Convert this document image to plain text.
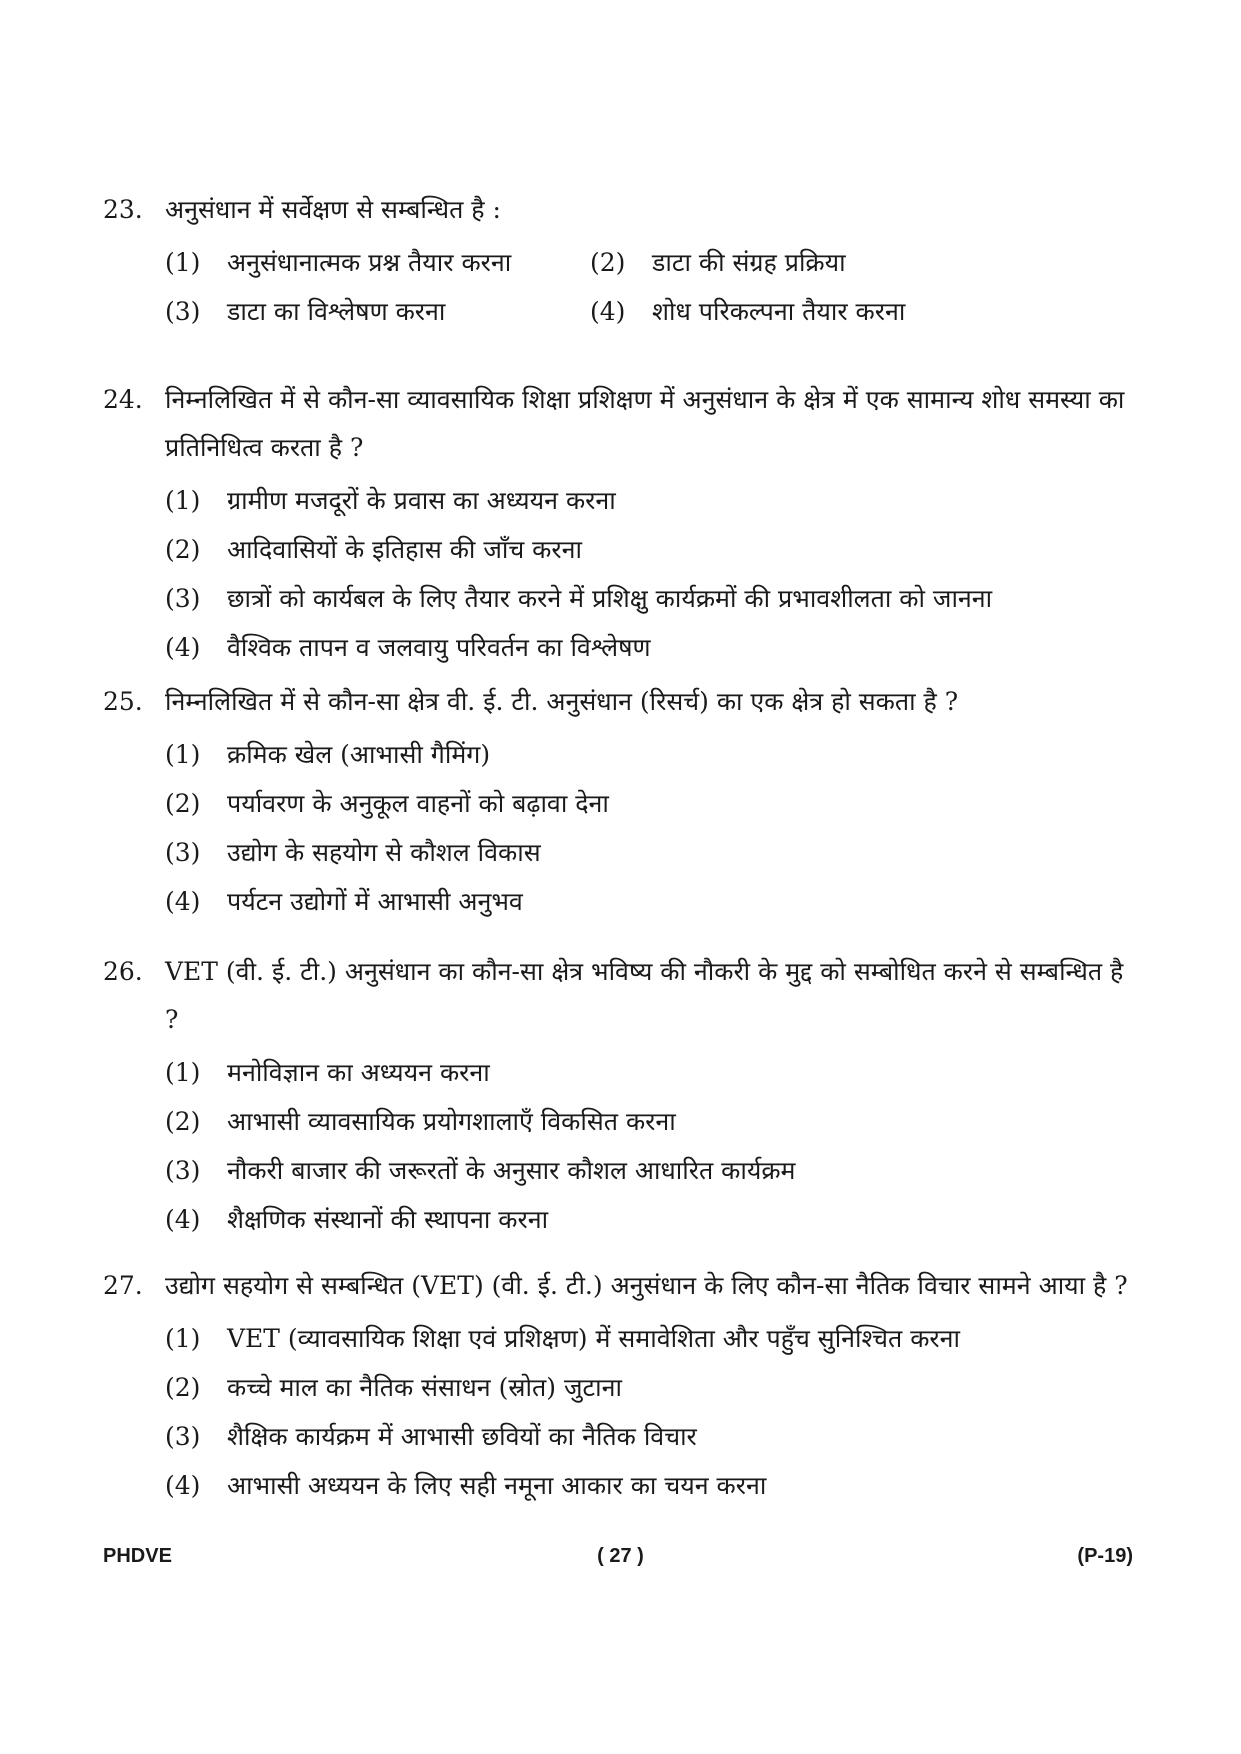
23. अनुसंधान में सर्वेक्षण से सम्बन्धित है :
(1)	अनुसंधानात्मक प्रश्न तैयार करना	(2)	डाटा की संग्रह प्रक्रिया
(3)	डाटा का विश्लेषण करना	(4)	शोध परिकल्पना तैयार करना
24. निम्नलिखित में से कौन-सा व्यावसायिक शिक्षा प्रशिक्षण में अनुसंधान के क्षेत्र में एक सामान्य शोध समस्या का प्रतिनिधित्व करता है ?
(1)	ग्रामीण मजदूरों के प्रवास का अध्ययन करना
(2)	आदिवासियों के इतिहास की जाँच करना
(3)	छात्रों को कार्यबल के लिए तैयार करने में प्रशिक्षु कार्यक्रमों की प्रभावशीलता को जानना
(4)	वैश्विक तापन व जलवायु परिवर्तन का विश्लेषण
25. निम्नलिखित में से कौन-सा क्षेत्र वी. ई. टी. अनुसंधान (रिसर्च) का एक क्षेत्र हो सकता है ?
(1)	क्रमिक खेल (आभासी गैमिंग)
(2)	पर्यावरण के अनुकूल वाहनों को बढ़ावा देना
(3)	उद्योग के सहयोग से कौशल विकास
(4)	पर्यटन उद्योगों में आभासी अनुभव
26. VET (वी. ई. टी.) अनुसंधान का कौन-सा क्षेत्र भविष्य की नौकरी के मुद्द को सम्बोधित करने से सम्बन्धित है ?
(1)	मनोविज्ञान का अध्ययन करना
(2)	आभासी व्यावसायिक प्रयोगशालाएँ विकसित करना
(3)	नौकरी बाजार की जरूरतों के अनुसार कौशल आधारित कार्यक्रम
(4)	शैक्षणिक संस्थानों की स्थापना करना
27. उद्योग सहयोग से सम्बन्धित (VET) (वी. ई. टी.) अनुसंधान के लिए कौन-सा नैतिक विचार सामने आया है ?
(1)	VET (व्यावसायिक शिक्षा एवं प्रशिक्षण) में समावेशिता और पहुँच सुनिश्चित करना
(2)	कच्चे माल का नैतिक संसाधन (स्रोत) जुटाना
(3)	शैक्षिक कार्यक्रम में आभासी छवियों का नैतिक विचार
(4)	आभासी अध्ययन के लिए सही नमूना आकार का चयन करना
PHDVE	( 27 )	(P-19)
